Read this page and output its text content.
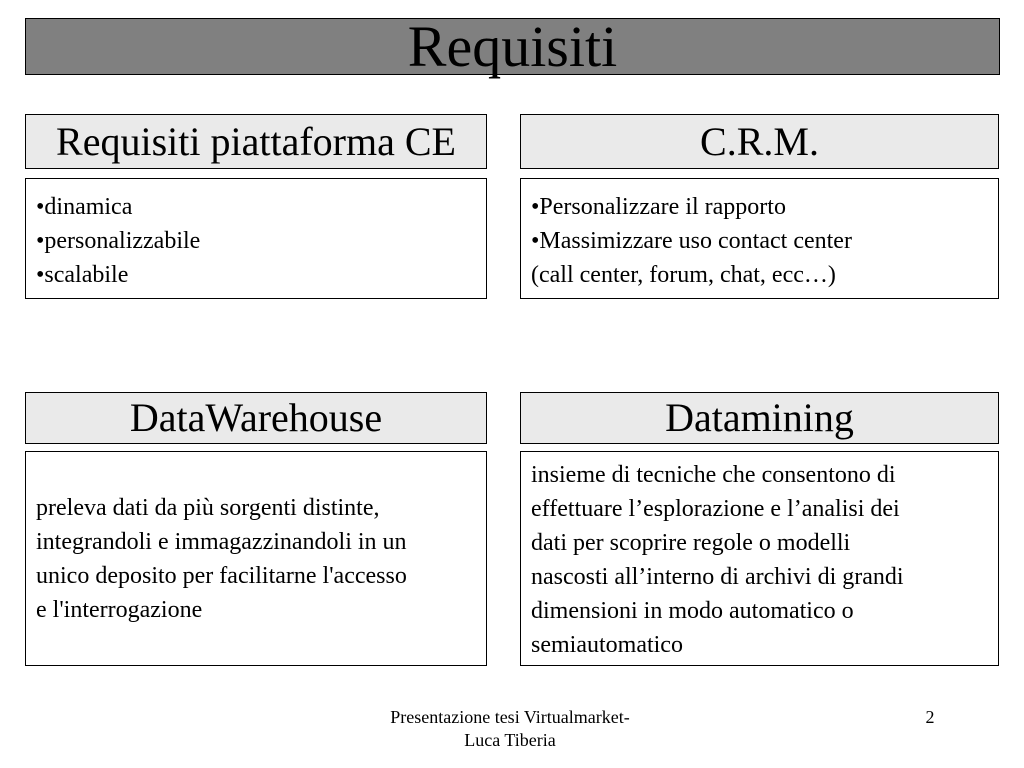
Requisiti
Requisiti piattaforma CE
•dinamica
•personalizzabile
•scalabile
C.R.M.
•Personalizzare il rapporto
•Massimizzare uso contact center
(call center, forum, chat, ecc…)
DataWarehouse
preleva dati da più sorgenti distinte,
integrandoli e immagazzinandoli in un
unico deposito per facilitarne l'accesso
e l'interrogazione
Datamining
insieme di tecniche che consentono di
effettuare l’esplorazione e l’analisi dei
dati per scoprire regole o modelli
nascosti all’interno di archivi di grandi
dimensioni in modo automatico o
semiautomatico
Presentazione tesi Virtualmarket-
Luca Tiberia
2
